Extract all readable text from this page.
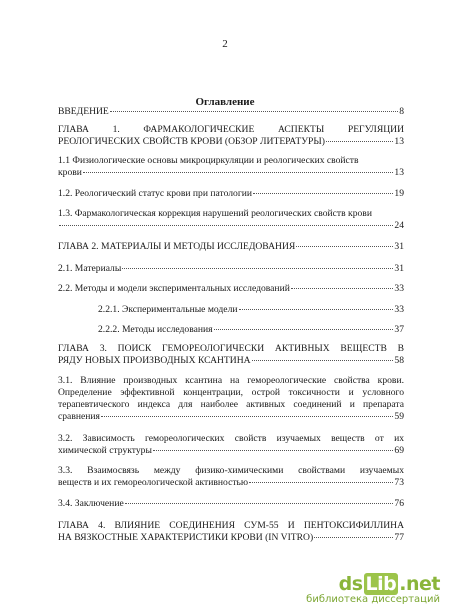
2
Оглавление
ВВЕДЕНИЕ	8
ГЛАВА 1. ФАРМАКОЛОГИЧЕСКИЕ АСПЕКТЫ РЕГУЛЯЦИИ
РЕОЛОГИЧЕСКИХ СВОЙСТВ КРОВИ (ОБЗОР ЛИТЕРАТУРЫ)	13
1.1 Физиологические основы микроциркуляции и реологических свойств
крови	13
1.2. Реологический статус крови при патологии	19
1.3. Фармакологическая коррекция нарушений реологических свойств крови
24
ГЛАВА 2. МАТЕРИАЛЫ И МЕТОДЫ ИССЛЕДОВАНИЯ	31
2.1. Материалы	31
2.2. Методы и модели экспериментальных исследований	33
2.2.1. Экспериментальные модели	33
2.2.2. Методы исследования	37
ГЛАВА 3. ПОИСК ГЕМОРЕОЛОГИЧЕСКИ АКТИВНЫХ ВЕЩЕСТВ В
РЯДУ НОВЫХ ПРОИЗВОДНЫХ КСАНТИНА	58
3.1. Влияние производных ксантина на гемореологические свойства крови.
Определение эффективной концентрации, острой токсичности и условного
терапевтического индекса для наиболее активных соединений и препарата
сравнения	59
3.2. Зависимость гемореологических свойств изучаемых веществ от их
химической структуры	69
3.3. Взаимосвязь между физико-химическими свойствами изучаемых
веществ и их гемореологической активностью	73
3.4. Заключение	76
ГЛАВА 4. ВЛИЯНИЕ СОЕДИНЕНИЯ СУМ-55 И ПЕНТОКСИФИЛЛИНА
НА ВЯЗКОСТНЫЕ ХАРАКТЕРИСТИКИ КРОВИ (IN VITRO)	77
ds Lib .net
библиотека диссертаций
